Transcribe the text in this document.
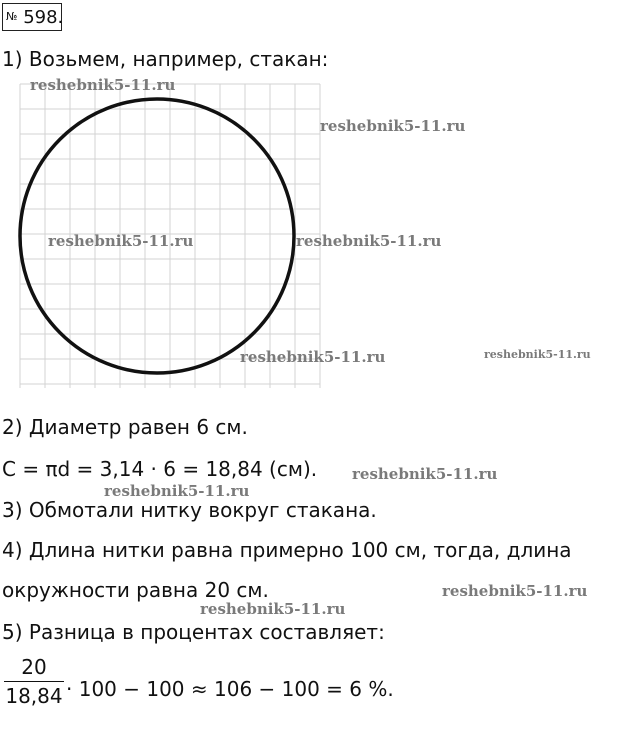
№ 598.
1) Возьмем, например, стакан:
reshebnik5-11.ru
reshebnik5-11.ru
reshebnik5-11.ru	reshebnik5-11.ru
reshebnik5-11.ru	reshebnik5-11.ru
2) Диаметр равен 6 см.
C = πd = 3,14 · 6 = 18,84 (см). reshebnik5-11.ru
reshebnik5-11.ru
3) Обмотали нитку вокруг стакана.
4) Длина нитки равна примерно 100 см, тогда, длина
окружности равна 20 см.	reshebnik5-11.ru
reshebnik5-11.ru
5) Разница в процентах составляет:
20
18,84 · 100 − 100 ≈ 106 − 100 = 6 %.
